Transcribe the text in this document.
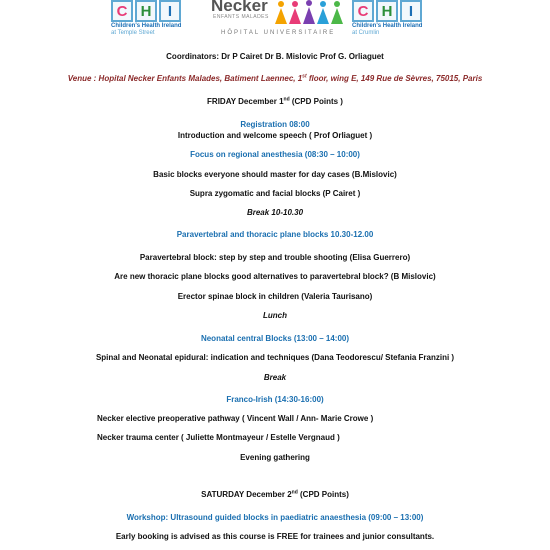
C H	I
Children's Health Ireland
at Temple Street
Necker
ENFANTS MALADES
HÔPITAL UNIVERSITAIRE
C H	I
Children's Health Ireland
at Crumlin
Coordinators: Dr P Cairet Dr B. Mislovic Prof G. Orliaguet
Venue : Hopital Necker Enfants Malades, Batiment Laennec, 1st floor, wing E, 149 Rue de Sèvres, 75015, Paris
FRIDAY December 1nd (CPD Points )
Registration 08:00
Introduction and welcome speech ( Prof Orliaguet )
Focus on regional anesthesia (08:30 – 10:00)
Basic blocks everyone should master for day cases (B.Mislovic)
Supra zygomatic and facial blocks (P Cairet )
Break 10-10.30
Paravertebral and thoracic plane blocks 10.30-12.00
Paravertebral block: step by step and trouble shooting (Elisa Guerrero)
Are new thoracic plane blocks good alternatives to paravertebral block? (B Mislovic)
Erector spinae block in children (Valeria Taurisano)
Lunch
Neonatal central Blocks (13:00 – 14:00)
Spinal and Neonatal epidural: indication and techniques (Dana Teodorescu/ Stefania Franzini )
Break
Franco-Irish (14:30-16:00)
Necker elective preoperative pathway ( Vincent Wall / Ann- Marie Crowe )
Necker trauma center ( Juliette Montmayeur / Estelle Vergnaud )
Evening gathering
SATURDAY December 2nd (CPD Points)
Workshop: Ultrasound guided blocks in paediatric anaesthesia (09:00 – 13:00)
Early booking is advised as this course is FREE for trainees and junior consultants.
